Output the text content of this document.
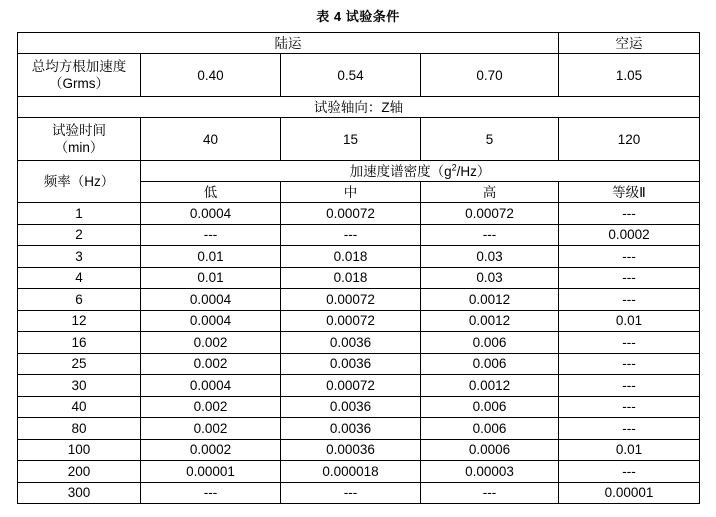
表 4 试验条件
陆运				空运

总均方根加速度
（Grms）	0.40	0.54	0.70	1.05
试验轴向：Z轴				

试验时间
（min）	40	15	5	120
频率（Hz）	加速度谱密度$(g^2/Hz)$			
	低	中	高	等级Ⅱ
1	0.0004	0.00072	0.00072	---
2	---	---	---	0.0002
3	0.01	0.018	0.03	---
4	0.01	0.018	0.03	---
6	0.0004	0.00072	0.0012	---
12	0.0004	0.00072	0.0012	0.01
16	0.002	0.0036	0.006	---
25	0.002	0.0036	0.006	---
30	0.0004	0.00072	0.0012	---
40	0.002	0.0036	0.006	---
80	0.002	0.0036	0.006	---
100	0.0002	0.00036	0.0006	0.01
200	0.00001	0.000018	0.00003	---
300	---	---	---	0.00001
